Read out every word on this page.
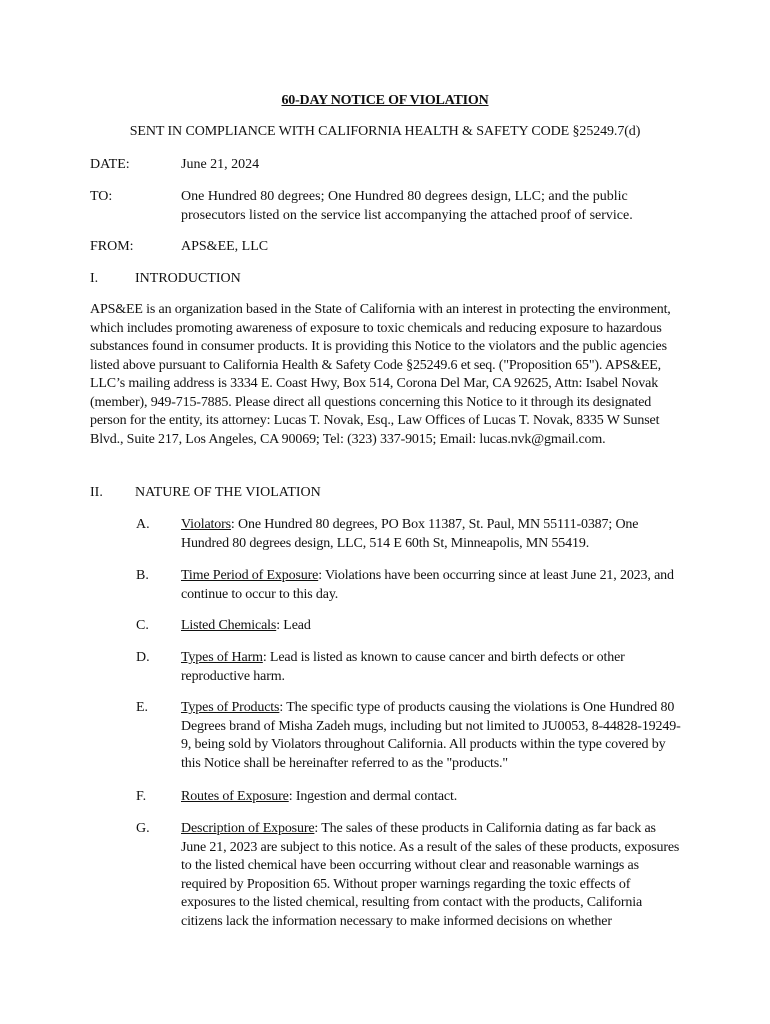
60-DAY NOTICE OF VIOLATION
SENT IN COMPLIANCE WITH CALIFORNIA HEALTH & SAFETY CODE §25249.7(d)
DATE:	June 21, 2024
TO:	One Hundred 80 degrees; One Hundred 80 degrees design, LLC; and the public prosecutors listed on the service list accompanying the attached proof of service.
FROM:	APS&EE, LLC
I.	INTRODUCTION
APS&EE is an organization based in the State of California with an interest in protecting the environment, which includes promoting awareness of exposure to toxic chemicals and reducing exposure to hazardous substances found in consumer products. It is providing this Notice to the violators and the public agencies listed above pursuant to California Health & Safety Code §25249.6 et seq. ("Proposition 65"). APS&EE, LLC’s mailing address is 3334 E. Coast Hwy, Box 514, Corona Del Mar, CA 92625, Attn: Isabel Novak (member), 949-715-7885. Please direct all questions concerning this Notice to it through its designated person for the entity, its attorney: Lucas T. Novak, Esq., Law Offices of Lucas T. Novak, 8335 W Sunset Blvd., Suite 217, Los Angeles, CA 90069; Tel: (323) 337-9015; Email: lucas.nvk@gmail.com.
II. NATURE OF THE VIOLATION
A. Violators: One Hundred 80 degrees, PO Box 11387, St. Paul, MN 55111-0387; One Hundred 80 degrees design, LLC, 514 E 60th St, Minneapolis, MN 55419.
B. Time Period of Exposure: Violations have been occurring since at least June 21, 2023, and continue to occur to this day.
C. Listed Chemicals: Lead
D. Types of Harm: Lead is listed as known to cause cancer and birth defects or other reproductive harm.
E. Types of Products: The specific type of products causing the violations is One Hundred 80 Degrees brand of Misha Zadeh mugs, including but not limited to JU0053, 8-44828-19249-9, being sold by Violators throughout California. All products within the type covered by this Notice shall be hereinafter referred to as the "products."
F. Routes of Exposure: Ingestion and dermal contact.
G. Description of Exposure: The sales of these products in California dating as far back as June 21, 2023 are subject to this notice. As a result of the sales of these products, exposures to the listed chemical have been occurring without clear and reasonable warnings as required by Proposition 65. Without proper warnings regarding the toxic effects of exposures to the listed chemical, resulting from contact with the products, California citizens lack the information necessary to make informed decisions on whether
